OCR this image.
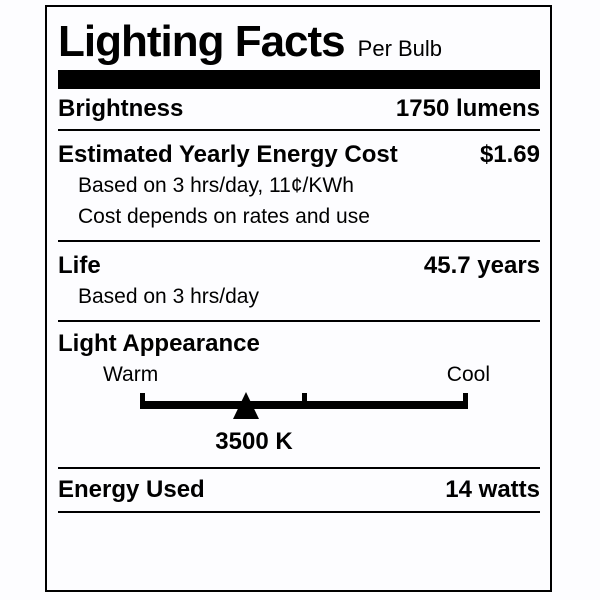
Lighting Facts Per Bulb
Brightness	1750 lumens
Estimated Yearly Energy Cost	$1.69
Based on 3 hrs/day, 11¢/KWh
Cost depends on rates and use
Life	45.7 years
Based on 3 hrs/day
Light Appearance
Warm	Cool
3500 K
Energy Used	14 watts
